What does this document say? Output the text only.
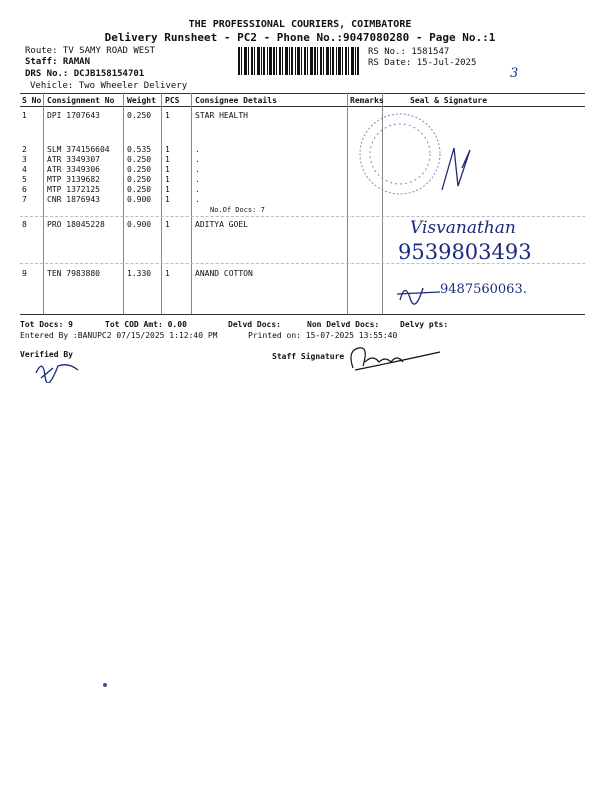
THE PROFESSIONAL COURIERS, COIMBATORE
Delivery Runsheet - PC2 - Phone No.:9047080280 - Page No.:1
Route: TV SAMY ROAD WEST
Staff: RAMAN
DRS No.: DCJB158154701
Vehicle: Two Wheeler Delivery
RS No.: 1581547
RS Date: 15-Jul-2025
3
S No Consignment No Weight PCS Consignee Details	Remarks	Seal & Signature
1	DPI 1707643	0.250 1	STAR HEALTH
2	SLM 374156604 0.535 1	.
3	ATR 3349307	0.250 1	.
4	ATR 3349306	0.250 1	.
5	MTP 3139682	0.250 1	.
6	MTP 1372125	0.250 1	.
7	CNR 1876943	0.900 1	.
No.Of Docs: 7
8	PRO 18045228	0.900 1	ADITYA GOEL
9	TEN 7983880	1.330 1	ANAND COTTON
Visvanathan
9539803493
9487560063.
Tot Docs: 9	Tot COD Amt: 0.00	Delvd Docs:	Non Delvd Docs:	Delvy pts:
Entered By :BANUPC2 07/15/2025 1:12:40 PM	Printed on: 15-07-2025 13:55:40
Verified By	Staff Signature
